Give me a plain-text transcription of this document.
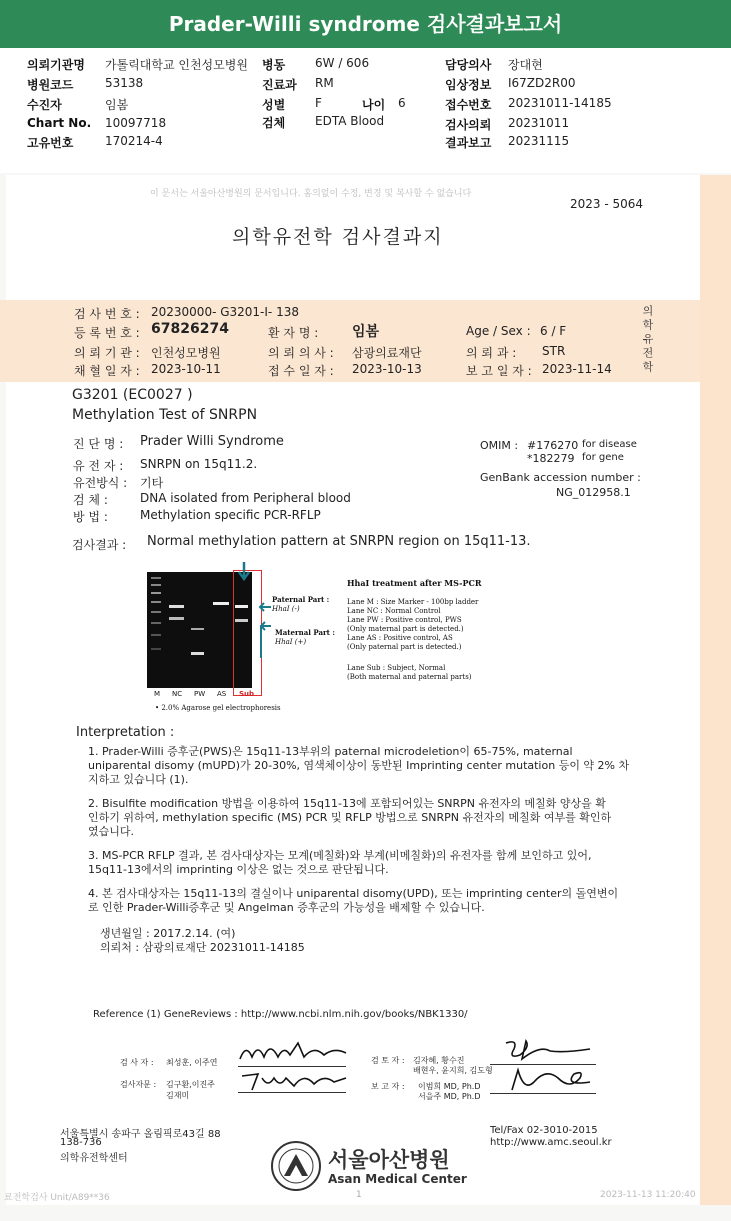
Prader-Willi syndrome 검사결과보고서
의뢰기관명 가톨릭대학교 인천성모병원
병원코드	53138
수진자	임봄
Chart No. 10097718
고유번호	170214-4
병동 6W / 606
진료과 RM
성별 F
검체 EDTA Blood
나이 6
담당의사 장대현
임상정보 I67ZD2R00
접수번호 20231011-14185
검사의뢰 20231011
결과보고 20231115
이 문서는 서울아산병원의 문서입니다. 홈의없이 수정, 변경 및 복사할 수 없습니다
2023 - 5064
의학유전학 검사결과지
의학유전학
검 사 번 호 : 20230000- G3201-I- 138
등 록 번 호 : 67826274	환 자 명 : 임봄	Age / Sex : 6 / F
의 뢰 기 관 : 인천성모병원	의 뢰 의 사 : 삼광의료재단	의 뢰 과 : STR
채 혈 일 자 : 2023-10-11	접 수 일 자 : 2023-10-13	보 고 일 자 : 2023-11-14
G3201 (EC0027 )
Methylation Test of SNRPN
진 단 명 : Prader Willi Syndrome
유 전 자 : SNRPN on 15q11.2.
유전방식 : 기타
검 체 :	DNA isolated from Peripheral blood
방 법 :	Methylation specific PCR-RFLP
OMIM : #176270 for disease
*182279 for gene
GenBank accession number :
NG_012958.1
검사결과 : Normal methylation pattern at SNRPN region on 15q11-13.
M NC PW AS Sub
Paternal Part :
HhaI (-)
Maternal Part :
HhaI (+)
• 2.0% Agarose gel electrophoresis
HhaI treatment after MS-PCR
Lane M : Size Marker - 100bp ladder
Lane NC : Normal Control
Lane PW : Positive control, PWS
(Only maternal part is detected.)
Lane AS : Positive control, AS
(Only paternal part is detected.)
Lane Sub : Subject, Normal
(Both maternal and paternal parts)
Interpretation :
1. Prader-Willi 증후군(PWS)은 15q11-13부위의 paternal microdeletion이 65-75%, maternal
uniparental disomy (mUPD)가 20-30%, 염색체이상이 동반된 Imprinting center mutation 등이 약 2% 차
지하고 있습니다 (1).
2. Bisulfite modification 방법을 이용하여 15q11-13에 포함되어있는 SNRPN 유전자의 메칠화 양상을 확
인하기 위하여, methylation specific (MS) PCR 및 RFLP 방법으로 SNRPN 유전자의 메칠화 여부를 확인하
였습니다.
3. MS-PCR RFLP 결과, 본 검사대상자는 모계(메칠화)와 부계(비메칠화)의 유전자를 함께 보인하고 있어,
15q11-13에서의 imprinting 이상은 없는 것으로 판단됩니다.
4. 본 검사대상자는 15q11-13의 결실이나 uniparental disomy(UPD), 또는 imprinting center의 돌연변이
로 인한 Prader-Willi증후군 및 Angelman 증후군의 가능성을 배제할 수 있습니다.
생년월일 : 2017.2.14. (여)
의뢰처 : 삼광의료재단 20231011-14185
Reference (1) GeneReviews : http://www.ncbi.nlm.nih.gov/books/NBK1330/
검 사 자 : 최성훈, 이주연
검사자문 : 김구환,이진주
김재미
검 토 자 : 김자혜, 황수진
배현우, 윤지희, 김도형
보 고 자 : 이범희 MD, Ph.D
서을주 MD, Ph.D
서울특별시 송파구 올림픽로43길 88
138-736
의학유전학센터
Tel/Fax 02-3010-2015
http://www.amc.seoul.kr
서울아산병원
Asan Medical Center
료전학검사 Unit/A89**36	1	2023-11-13 11:20:40
